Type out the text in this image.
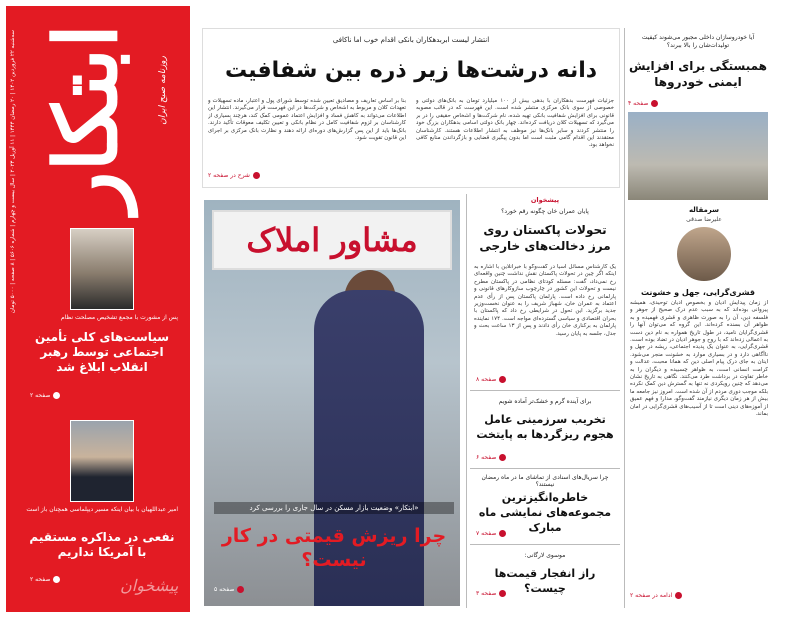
ابتکار روزنامه صبح ایران
سه‌شنبه ۲۲ فروردین ۱۴۰۲ | ۲۰ رمضان ۱۴۴۴ | ۱۱ آوریل ۲۰۲۳ | سال بیست و چهارم | شماره ۵۶۰۶ | ۸ صفحه | ۵۰۰۰ تومان
پس از مشورت با مجمع تشخیص مصلحت نظام
سیاست‌های کلی تأمین اجتماعی توسط رهبر انقلاب ابلاغ شد
صفحه ۲
امیر عبداللهیان با بیان اینکه مسیر دیپلماسی همچنان باز است
نفعی در مذاکره مستقیم با آمریکا نداریم
صفحه ۲
انتشار لیست ابربدهکاران بانکی اقدام خوب اما ناکافی
دانه درشت‌ها زیر ذره بین شفافیت
جزئیات فهرست بدهکاران با بدهی بیش از ۱۰۰ میلیارد تومان به بانک‌های دولتی و خصوصی از سوی بانک مرکزی منتشر شده است. این فهرست که در قالب مصوبه قانونی برای افزایش شفافیت بانکی تهیه شده، نام شرکت‌ها و اشخاص حقیقی را در بر می‌گیرد که تسهیلات کلان دریافت کرده‌اند. چهار بانک دولتی اسامی بدهکاران بزرگ خود را منتشر کردند و سایر بانک‌ها نیز موظف به انتشار اطلاعات هستند. کارشناسان معتقدند این اقدام گامی مثبت است اما بدون پیگیری قضایی و بازگرداندن منابع کافی نخواهد بود.
بنا بر اساس تعاریف و مصادیق تعیین شده توسط شورای پول و اعتبار، ماده تسهیلات و تعهدات کلان و مربوط به اشخاص و شرکت‌ها در این فهرست قرار می‌گیرند. انتشار این اطلاعات می‌تواند به کاهش فساد و افزایش اعتماد عمومی کمک کند، هرچند بسیاری از کارشناسان بر لزوم شفافیت کامل در نظام بانکی و تعیین تکلیف معوقات تأکید دارند. بانک‌ها باید از این پس گزارش‌های دوره‌ای ارائه دهند و نظارت بانک مرکزی بر اجرای این قانون تقویت شود.
شرح در صفحه ۲
آیا خودروسازان داخلی مجبور می‌شوند کیفیت تولیدات‌شان را بالا ببرند؟
همبستگی برای افزایش ایمنی خودروها
صفحه ۴
سرمقاله
علیرضا صدقی
قشری‌گرایی، جهل و خشونت
از زمان پیدایش ادیان و بخصوص ادیان توحیدی، همیشه پیروانی بوده‌اند که به سبب عدم درک صحیح از جوهر و فلسفه دین، آن را به صورت ظاهری و قشری فهمیده و به ظواهر آن بسنده کرده‌اند. این گروه که می‌توان آنها را قشری‌گرایان نامید، در طول تاریخ همواره به نام دین دست به اعمالی زده‌اند که با روح و جوهر ادیان در تضاد بوده است. قشری‌گرایی، به عنوان یک پدیده اجتماعی، ریشه در جهل و ناآگاهی دارد و در بسیاری موارد به خشونت منجر می‌شود. اینان به جای درک پیام اصلی دین که همانا محبت، عدالت و کرامت انسانی است، به ظواهر چسبیده و دیگران را به خاطر تفاوت در برداشت طرد می‌کنند. نگاهی به تاریخ نشان می‌دهد که چنین رویکردی نه تنها به گسترش دین کمک نکرده بلکه موجب دوری مردم از آن شده است. امروز نیز جامعه ما بیش از هر زمان دیگری نیازمند گفت‌وگو، مدارا و فهم عمیق از آموزه‌های دینی است تا از آسیب‌های قشری‌گرایی در امان بماند.
ادامه در صفحه ۲
پیشخوان
پایان عمران خان چگونه رقم خورد؟
تحولات پاکستان روی مرز دخالت‌های خارجی
یک کارشناس مسائل آسیا در گفت‌وگو با خبرآنلاین با اشاره به اینکه اگر چین در تحولات پاکستان نقش نداشت چنین واقعه‌ای رخ نمی‌داد، گفت: مسئله کودتای نظامی در پاکستان مطرح نیست و تحولات این کشور در چارچوب سازوکارهای قانونی و پارلمانی رخ داده است. پارلمان پاکستان پس از رأی عدم اعتماد به عمران خان، شهباز شریف را به عنوان نخست‌وزیر جدید برگزید. این تحول در شرایطی رخ داد که پاکستان با بحران اقتصادی و سیاسی گسترده‌ای مواجه است. ۱۷۴ نماینده پارلمان به برکناری خان رأی دادند و پس از ۱۳ ساعت بحث و جدل، جلسه به پایان رسید.
صفحه ۸
برای آینده گرم و خشک‌تر آماده شویم
تخریب سرزمینی عامل هجوم ریزگردها به پایتخت
صفحه ۶
چرا سریال‌های اسنادی از تماشای ما در ماه رمضان نیستند؟
خاطره‌انگیزترین مجموعه‌های نمایشی ماه مبارک
صفحه ۷
موسوی لارگانی:
راز انفجار قیمت‌ها چیست؟
صفحه ۳
مشاور املاک
«ابتکار» وضعیت بازار مسکن در سال جاری را بررسی کرد
چرا ریزش قیمتی در کار نیست؟
صفحه ۵
پیشخوان
